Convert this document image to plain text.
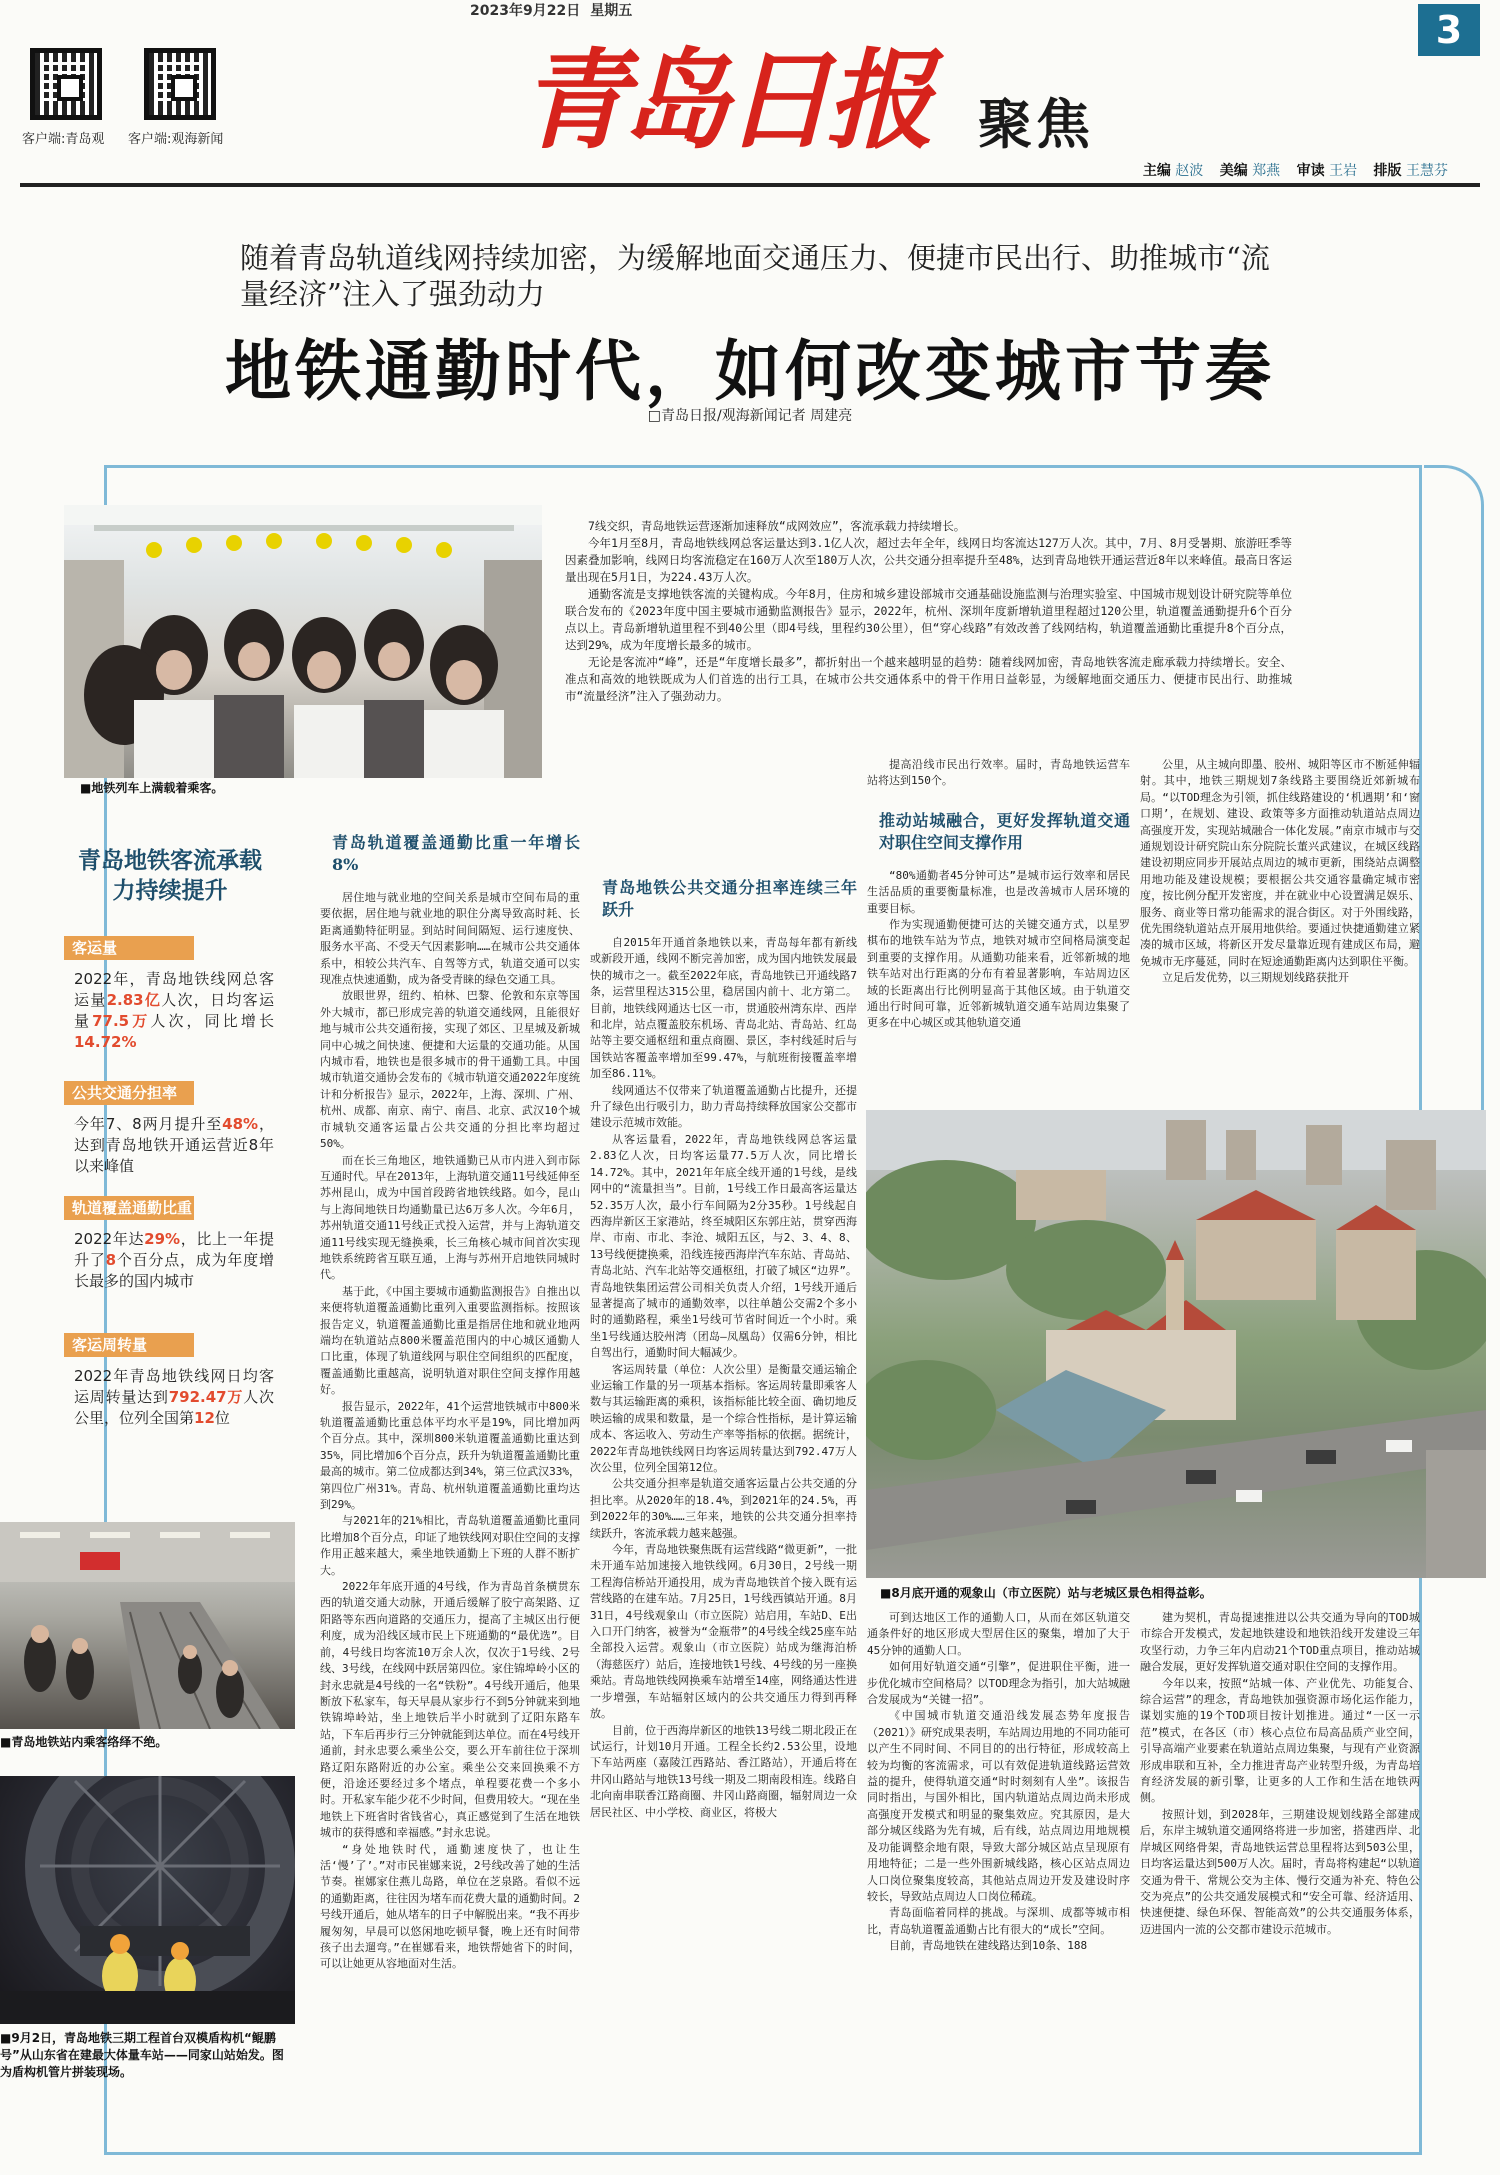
2023年9月22日 星期五	3
客户端:青岛观 客户端:观海新闻	青岛日报 聚焦
主编 赵波 美编 郑燕 审读 王岩 排版 王慧芬
随着青岛轨道线网持续加密，为缓解地面交通压力、便捷市民出行、助推城市“流量经济”注入了强劲动力
地铁通勤时代，如何改变城市节奏
□青岛日报/观海新闻记者 周建亮
■地铁列车上满载着乘客。

7线交织，青岛地铁运营逐渐加速释放“成网效应”，客流承载力持续增长。

今年1月至8月，青岛地铁线网总客运量达到3.1亿人次，超过去年全年，线网日均客流达127万人次。其中，7月、8月受暑期、旅游旺季等因素叠加影响，线网日均客流稳定在160万人次至180万人次，公共交通分担率提升至48%，达到青岛地铁开通运营近8年以来峰值。最高日客运量出现在5月1日，为224.43万人次。

通勤客流是支撑地铁客流的关键构成。今年8月，住房和城乡建设部城市交通基础设施监测与治理实验室、中国城市规划设计研究院等单位联合发布的《2023年度中国主要城市通勤监测报告》显示，2022年，杭州、深圳年度新增轨道里程超过120公里，轨道覆盖通勤提升6个百分点以上。青岛新增轨道里程不到40公里（即4号线，里程约30公里），但“穿心线路”有效改善了线网结构，轨道覆盖通勤比重提升8个百分点，达到29%，成为年度增长最多的城市。

无论是客流冲“峰”，还是“年度增长最多”，都折射出一个越来越明显的趋势：随着线网加密，青岛地铁客流走廊承载力持续增长。安全、准点和高效的地铁既成为人们首选的出行工具，在城市公共交通体系中的骨干作用日益彰显，为缓解地面交通压力、便捷市民出行、助推城市“流量经济”注入了强劲动力。

青岛地铁客流承载力持续提升
客运量
2022年，青岛地铁线网总客运量2.83亿人次，日均客运量77.5万人次，同比增长14.72%
公共交通分担率
今年7、8两月提升至48%，达到青岛地铁开通运营近8年以来峰值
轨道覆盖通勤比重
2022年达29%，比上一年提升了8个百分点，成为年度增长最多的国内城市
客运周转量
2022年青岛地铁线网日均客运周转量达到792.47万人次公里，位列全国第12位
■青岛地铁站内乘客络绎不绝。
■9月2日，青岛地铁三期工程首台双模盾构机“鲲鹏号”从山东省在建最大体量车站——同家山站始发。图为盾构机管片拼装现场。
■8月底开通的观象山（市立医院）站与老城区景色相得益彰。

青岛轨道覆盖通勤比重一年增长8%

居住地与就业地的空间关系是城市空间布局的重要依据，居住地与就业地的职住分离导致高时耗、长距离通勤特征明显。到站时间间隔短、运行速度快、服务水平高、不受天气因素影响……在城市公共交通体系中，相较公共汽车、自驾等方式，轨道交通可以实现准点快速通勤，成为备受青睐的绿色交通工具。

放眼世界，纽约、柏林、巴黎、伦敦和东京等国外大城市，都已形成完善的轨道交通线网，且能很好地与城市公共交通衔接，实现了郊区、卫星城及新城同中心城之间快速、便捷和大运量的交通功能。从国内城市看，地铁也是很多城市的骨干通勤工具。中国城市轨道交通协会发布的《城市轨道交通2022年度统计和分析报告》显示，2022年，上海、深圳、广州、杭州、成都、南京、南宁、南昌、北京、武汉10个城市城轨交通客运量占公共交通的分担比率均超过50%。

而在长三角地区，地铁通勤已从市内进入到市际互通时代。早在2013年，上海轨道交通11号线延伸至苏州昆山，成为中国首段跨省地铁线路。如今，昆山与上海间地铁日均通勤量已达6万多人次。今年6月，苏州轨道交通11号线正式投入运营，并与上海轨道交通11号线实现无缝换乘，长三角核心城市间首次实现地铁系统跨省互联互通，上海与苏州开启地铁同城时代。

基于此，《中国主要城市通勤监测报告》自推出以来便将轨道覆盖通勤比重列入重要监测指标。按照该报告定义，轨道覆盖通勤比重是指居住地和就业地两端均在轨道站点800米覆盖范围内的中心城区通勤人口比重，体现了轨道线网与职住空间组织的匹配度，覆盖通勤比重越高，说明轨道对职住空间支撑作用越好。

报告显示，2022年，41个运营地铁城市中800米轨道覆盖通勤比重总体平均水平是19%，同比增加两个百分点。其中，深圳800米轨道覆盖通勤比重达到35%，同比增加6个百分点，跃升为轨道覆盖通勤比重最高的城市。第二位成都达到34%，第三位武汉33%，第四位广州31%。青岛、杭州轨道覆盖通勤比重均达到29%。

与2021年的21%相比，青岛轨道覆盖通勤比重同比增加8个百分点，印证了地铁线网对职住空间的支撑作用正越来越大，乘坐地铁通勤上下班的人群不断扩大。

2022年年底开通的4号线，作为青岛首条横贯东西的轨道交通大动脉，开通后缓解了胶宁高架路、辽阳路等东西向道路的交通压力，提高了主城区出行便利度，成为沿线区域市民上下班通勤的“最优选”。目前，4号线日均客流10万余人次，仅次于1号线、2号线、3号线，在线网中跃居第四位。家住锦埠岭小区的封永忠就是4号线的一名“铁粉”。4号线开通后，他果断放下私家车，每天早晨从家步行不到5分钟就来到地铁锦埠岭站，坐上地铁后半小时就到了辽阳东路车站，下车后再步行三分钟就能到达单位。而在4号线开通前，封永忠要么乘坐公交，要么开车前往位于深圳路辽阳东路附近的办公室。乘坐公交来回换乘不方便，沿途还要经过多个堵点，单程要花费一个多小时。开私家车能少花不少时间，但费用较大。“现在坐地铁上下班省时省钱省心，真正感觉到了生活在地铁城市的获得感和幸福感。”封永忠说。

“身处地铁时代，通勤速度快了，也让生活‘慢’了’。”对市民崔娜来说，2号线改善了她的生活节奏。崔娜家住燕儿岛路，单位在芝泉路。看似不远的通勤距离，往往因为堵车而花费大量的通勤时间。2号线开通后，她从堵车的日子中解脱出来。“我不再步履匆匆，早晨可以悠闲地吃顿早餐，晚上还有时间带孩子出去遛弯。”在崔娜看来，地铁帮她省下的时间，可以让她更从容地面对生活。

青岛地铁公共交通分担率连续三年跃升

自2015年开通首条地铁以来，青岛每年都有新线或新段开通，线网不断完善加密，成为国内地铁发展最快的城市之一。截至2022年底，青岛地铁已开通线路7条，运营里程达315公里，稳居国内前十、北方第二。目前，地铁线网通达七区一市，贯通胶州湾东岸、西岸和北岸，站点覆盖胶东机场、青岛北站、青岛站、红岛站等主要交通枢纽和重点商圈、景区，李村线延时后与国铁站客覆盖率增加至99.47%，与航班衔接覆盖率增加至86.11%。

线网通达不仅带来了轨道覆盖通勤占比提升，还提升了绿色出行吸引力，助力青岛持续释放国家公交都市建设示范城市效能。

从客运量看，2022年，青岛地铁线网总客运量2.83亿人次，日均客运量77.5万人次，同比增长14.72%。其中，2021年年底全线开通的1号线，是线网中的“流量担当”。目前，1号线工作日最高客运量达52.35万人次，最小行车间隔为2分35秒。1号线起自西海岸新区王家港站，终至城阳区东郭庄站，贯穿西海岸、市南、市北、李沧、城阳五区，与2、3、4、8、13号线便捷换乘，沿线连接西海岸汽车东站、青岛站、青岛北站、汽车北站等交通枢纽，打破了城区“边界”。青岛地铁集团运营公司相关负责人介绍，1号线开通后显著提高了城市的通勤效率，以往单趟公交需2个多小时的通勤路程，乘坐1号线可节省时间近一个小时。乘坐1号线通达胶州湾（团岛—凤凰岛）仅需6分钟，相比自驾出行，通勤时间大幅减少。

客运周转量（单位：人次公里）是衡量交通运输企业运输工作量的另一项基本指标。客运周转量即乘客人数与其运输距离的乘积，该指标能比较全面、确切地反映运输的成果和数量，是一个综合性指标，是计算运输成本、客运收入、劳动生产率等指标的依据。据统计，2022年青岛地铁线网日均客运周转量达到792.47万人次公里，位列全国第12位。

公共交通分担率是轨道交通客运量占公共交通的分担比率。从2020年的18.4%，到2021年的24.5%，再到2022年的30%……三年来，地铁的公共交通分担率持续跃升，客流承载力越来越强。

今年，青岛地铁聚焦既有运营线路“微更新”，一批未开通车站加速接入地铁线网。6月30日，2号线一期工程海信桥站开通投用，成为青岛地铁首个接入既有运营线路的在建车站。7月25日，1号线西镇站开通。8月31日，4号线观象山（市立医院）站启用，车站D、E出入口开门纳客，被誉为“金瓶带”的4号线全线25座车站全部投入运营。观象山（市立医院）站成为继海泊桥（海慈医疗）站后，连接地铁1号线、4号线的另一座换乘站。青岛地铁线网换乘车站增至14座，网络通达性进一步增强，车站辐射区域内的公共交通压力得到再释放。

目前，位于西海岸新区的地铁13号线二期北段正在试运行，计划10月开通。工程全长约2.53公里，设地下车站两座（嘉陵江西路站、香江路站），开通后将在井冈山路站与地铁13号线一期及二期南段相连。线路自北向南串联香江路商圈、井冈山路商圈，辐射周边一众居民社区、中小学校、商业区，将极大

提高沿线市民出行效率。届时，青岛地铁运营车站将达到150个。

推动站城融合，更好发挥轨道交通对职住空间支撑作用

“80%通勤者45分钟可达”是城市运行效率和居民生活品质的重要衡量标准，也是改善城市人居环境的重要目标。

作为实现通勤便捷可达的关键交通方式，以星罗棋布的地铁车站为节点，地铁对城市空间格局演变起到重要的支撑作用。从通勤功能来看，近邻新城的地铁车站对出行距离的分布有着显著影响，车站周边区域的长距离出行比例明显高于其他区域。由于轨道交通出行时间可靠，近邻新城轨道交通车站周边集聚了更多在中心城区或其他轨道交通

公里，从主城向即墨、胶州、城阳等区市不断延伸辐射。其中，地铁三期规划7条线路主要围绕近郊新城布局。“以TOD理念为引领，抓住线路建设的‘机遇期’和‘窗口期’，在规划、建设、政策等多方面推动轨道站点周边高强度开发，实现站城融合一体化发展。”南京市城市与交通规划设计研究院山东分院院长董兴武建议，在城区线路建设初期应同步开展站点周边的城市更新，围绕站点调整用地功能及建设规模；要根据公共交通容量确定城市密度，按比例分配开发密度，并在就业中心设置满足娱乐、服务、商业等日常功能需求的混合街区。对于外围线路，优先围绕轨道站点开展用地供给。要通过快捷通勤建立紧凑的城市区域，将新区开发尽量靠近现有建成区布局，避免城市无序蔓延，同时在短途通勤距离内达到职住平衡。

立足后发优势，以三期规划线路获批开

可到达地区工作的通勤人口，从而在郊区轨道交通条件好的地区形成大型居住区的聚集，增加了大于45分钟的通勤人口。

如何用好轨道交通“引擎”，促进职住平衡，进一步优化城市空间格局？以TOD理念为指引，加大站城融合发展成为“关键一招”。

《中国城市轨道交通沿线发展态势年度报告（2021）》研究成果表明，车站周边用地的不同功能可以产生不同时间、不同目的的出行特征，形成较高上较为均衡的客流需求，可以有效促进轨道线路运营效益的提升，使得轨道交通“时时刻刻有人坐”。该报告同时指出，与国外相比，国内轨道站点周边尚未形成高强度开发模式和明显的聚集效应。究其原因，是大部分城区线路为先有城，后有线，站点周边用地规模及功能调整余地有限，导致大部分城区站点呈现原有用地特征；二是一些外围新城线路，核心区站点周边人口岗位聚集度较高，其他站点周边开发及建设时序较长，导致站点周边人口岗位稀疏。

青岛面临着同样的挑战。与深圳、成都等城市相比，青岛轨道覆盖通勤占比有很大的“成长”空间。

目前，青岛地铁在建线路达到10条、188

建为契机，青岛提速推进以公共交通为导向的TOD城市综合开发模式，发起地铁建设和地铁沿线开发建设三年攻坚行动，力争三年内启动21个TOD重点项目，推动站城融合发展，更好发挥轨道交通对职住空间的支撑作用。

今年以来，按照“站城一体、产业优先、功能复合、综合运营”的理念，青岛地铁加强资源市场化运作能力，谋划实施的19个TOD项目按计划推进。通过“一区一示范”模式，在各区（市）核心点位布局高品质产业空间，引导高端产业要素在轨道站点周边集聚，与现有产业资源形成串联和互补，全力推进青岛产业转型升级，为青岛培育经济发展的新引擎，让更多的人工作和生活在地铁两侧。

按照计划，到2028年，三期建设规划线路全部建成后，东岸主城轨道交通网络将进一步加密，搭建西岸、北岸城区网络骨架，青岛地铁运营总里程将达到503公里，日均客运量达到500万人次。届时，青岛将构建起“以轨道交通为骨干、常规公交为主体、慢行交通为补充、特色公交为亮点”的公共交通发展模式和“安全可靠、经济适用、快速便捷、绿色环保、智能高效”的公共交通服务体系，迈进国内一流的公交都市建设示范城市。
